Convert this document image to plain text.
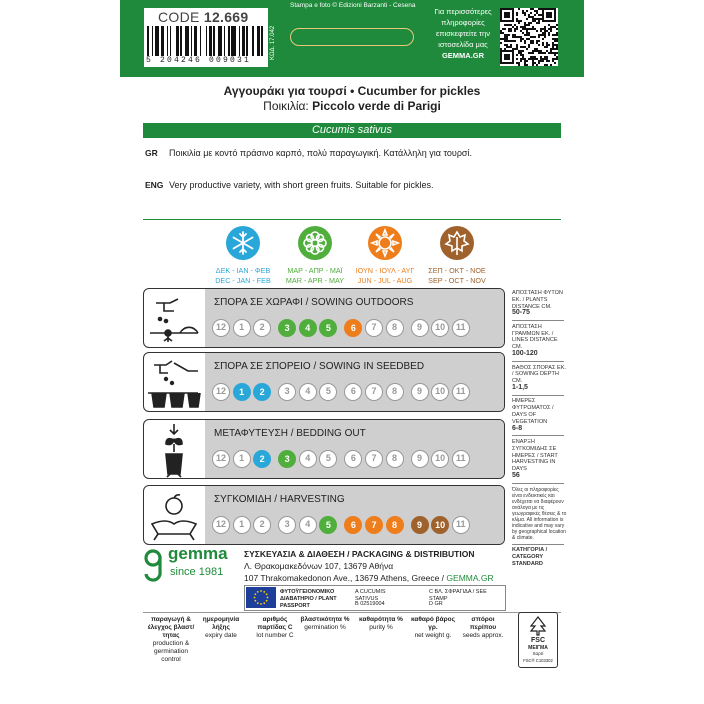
CODE 12.669
5 204246 009031
ΚΩΔ. 17.042
Stampa e foto © Edizioni Barzanti - Cesena
Για περισσότερες πληροφορίες επισκεφτείτε την ιστοσελίδα μας
GEMMA.GR
Αγγουράκι για τουρσί • Cucumber for pickles
Ποικιλία: Piccolo verde di Parigi
Cucumis sativus
GR Ποικιλία με κοντό πράσινο καρπό, πολύ παραγωγική. Κατάλληλη για τουρσί.
ENG Very productive variety, with short green fruits. Suitable for pickles.
ΔΕΚ - ΙΑΝ - ΦΕΒ
DEC - JAN - FEB
ΜΑΡ - ΑΠΡ - ΜΑΪ
MAR - APR - MAY
ΙΟΥΝ - ΙΟΥΛ - ΑΥΓ
JUN - JUL - AUG
ΣΕΠ - ΟΚΤ - ΝΟΕ
SEP - OCT - NOV
ΣΠΟΡΑ ΣΕ ΧΩΡΑΦΙ / SOWING OUTDOORS
12	1	2	3	4	5	6	7	8	9	10	11
ΣΠΟΡΑ ΣΕ ΣΠΟΡΕΙΟ / SOWING IN SEEDBED
12	1	2	3	4	5	6	7	8	9	10	11
ΜΕΤΑΦΥΤΕΥΣΗ / BEDDING OUT
12	1	2	3	4	5	6	7	8	9	10	11
ΣΥΓΚΟΜΙΔΗ / HARVESTING
12	1	2	3	4	5	6	7	8	9	10	11
ΑΠΟΣΤΑΣΗ ΦΥΤΩΝ ΕΚ. / PLANTS DISTANCE CM.
50-75
ΑΠΟΣΤΑΣΗ ΓΡΑΜΜΩΝ ΕΚ. / LINES DISTANCE CM.
100-120
ΒΑΘΟΣ ΣΠΟΡΑΣ ΕΚ. / SOWING DEPTH CM.
1-1,5
ΗΜΕΡΕΣ ΦΥΤΡΩΜΑΤΟΣ / DAYS OF VEGETATION
6-8
ΕΝΑΡΞΗ ΣΥΓΚΟΜΙΔΗΣ ΣΕ ΗΜΕΡΕΣ / START HARVESTING IN DAYS
56
Όλες οι πληροφορίες είναι ενδεικτικές και ενδέχεται να διαφέρουν ανάλογα με τις γεωγραφικές θέσεις & το κλίμα. All information is indicative and may vary by geographical location & climate.
ΚΑΤΗΓΟΡΙΑ / CATEGORY STANDARD
gemma
since 1981
ΣΥΣΚΕΥΑΣΙΑ & ΔΙΑΘΕΣΗ / PACKAGING & DISTRIBUTION
Λ. Θρακομακεδόνων 107, 13679 Αθήνα
107 Thrakomakedonon Ave., 13679 Athens, Greece / GEMMA.GR
ΦΥΤΟΫΓΕΙΟΝΟΜΙΚΟ ΔΙΑΒΑΤΗΡΙΟ / PLANT PASSPORT
A CUCUMIS SATIVUS
B 02519004
C ΒΛ. ΣΦΡΑΓΙΔΑ / SEE STAMP
D GR
παραγωγή & έλεγχος βλαστ/τητας
production & germination control
ημερομηνία λήξης
expiry date
αριθμός παρτίδας C
lot number C
βλαστικότητα %
germination %
καθαρότητα %
purity %
καθαρό βάρος γρ.
net weight g.
σπόροι περίπου
seeds approx.
FSC
ΜΕΙΓΜΑ
Χαρτί
FSC® C103302
